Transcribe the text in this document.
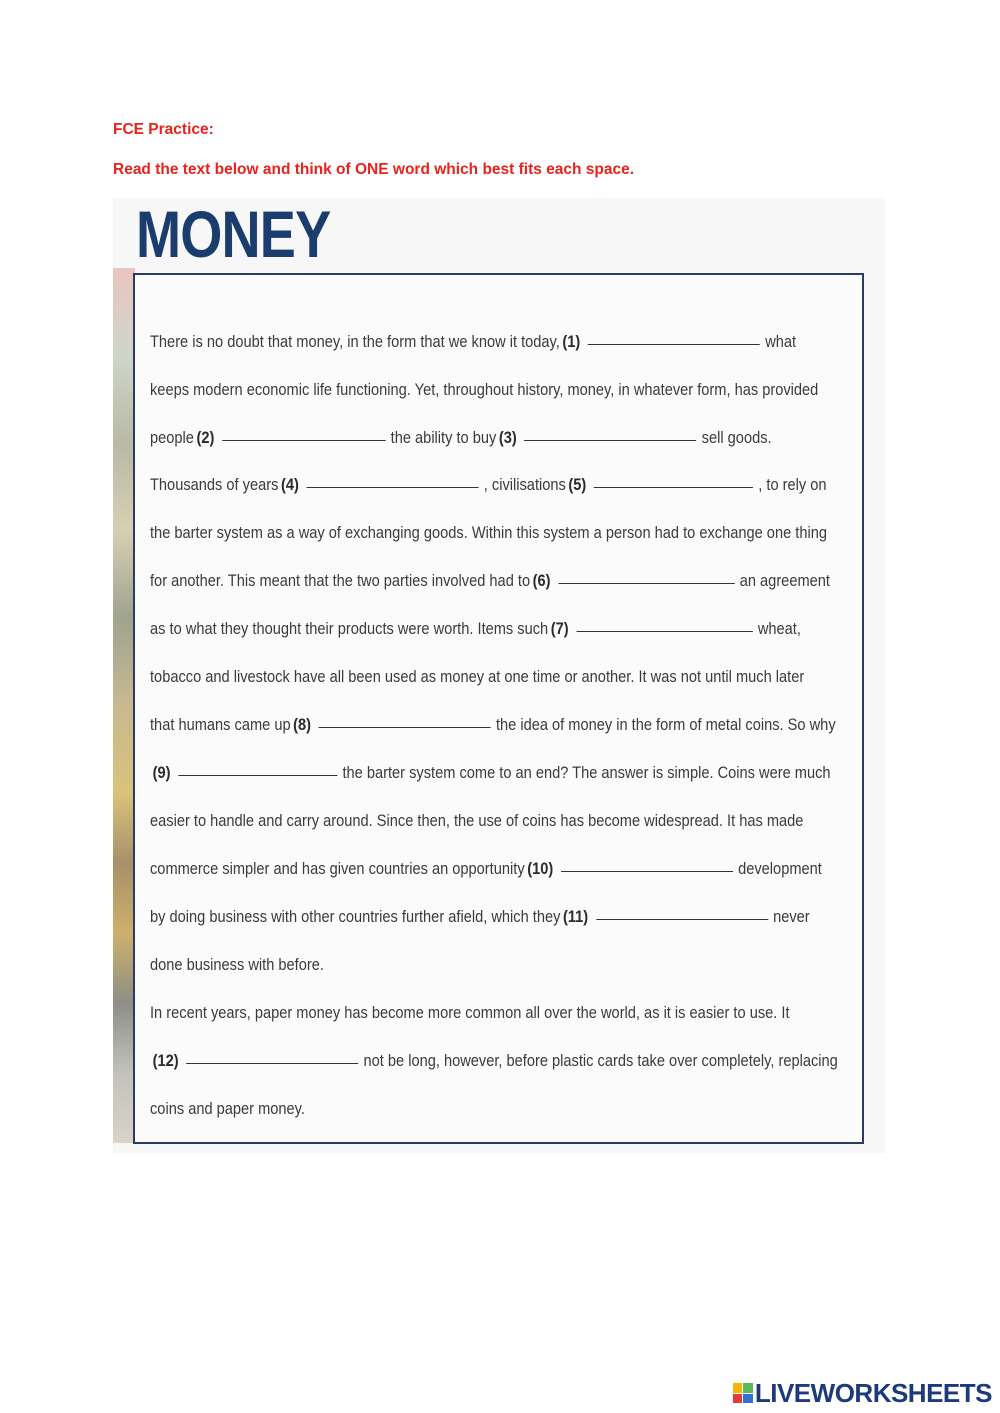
FCE Practice:
Read the text below and think of ONE word which best fits each space.
MONEY
There is no doubt that money, in the form that we know it today, (1)	what
keeps modern economic life functioning. Yet, throughout history, money, in whatever form, has provided
people (2)	the ability to buy (3)	sell goods.
Thousands of years (4)	, civilisations (5)	, to rely on
the barter system as a way of exchanging goods. Within this system a person had to exchange one thing
for another. This meant that the two parties involved had to (6)	an agreement
as to what they thought their products were worth. Items such (7)	wheat,
tobacco and livestock have all been used as money at one time or another. It was not until much later
that humans came up (8)	the idea of money in the form of metal coins. So why
(9)	the barter system come to an end? The answer is simple. Coins were much
easier to handle and carry around. Since then, the use of coins has become widespread. It has made
commerce simpler and has given countries an opportunity (10)	development
by doing business with other countries further afield, which they (11)	never
done business with before.
In recent years, paper money has become more common all over the world, as it is easier to use. It
(12)	not be long, however, before plastic cards take over completely, replacing
coins and paper money.
LIVEWORKSHEETS
